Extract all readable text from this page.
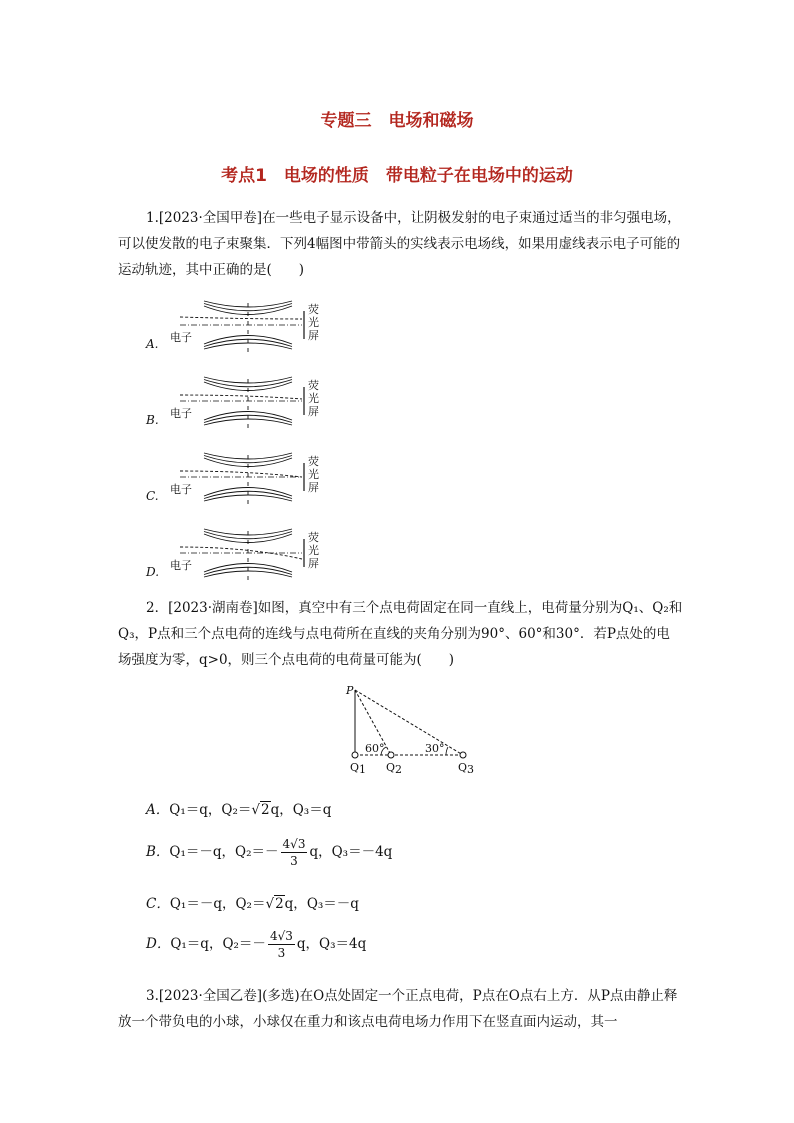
专题三　电场和磁场
考点1　电场的性质　带电粒子在电场中的运动
1.[2023·全国甲卷]在一些电子显示设备中，让阴极发射的电子束通过适当的非匀强电场，可以使发散的电子束聚集．下列4幅图中带箭头的实线表示电场线，如果用虚线表示电子可能的运动轨迹，其中正确的是(　　)
A. 电子
荧
光
屏
B. 电子
荧
光
屏
C. 电子
荧
光
屏
D. 电子
荧
光
屏
2．[2023·湖南卷]如图，真空中有三个点电荷固定在同一直线上，电荷量分别为Q₁、Q₂和Q₃，P点和三个点电荷的连线与点电荷所在直线的夹角分别为90°、60°和30°．若P点处的电场强度为零，q>0，则三个点电荷的电荷量可能为(　　)
P
60°	30°
Q 1 Q 2	Q 3
A．Q₁＝q，Q₂＝√2q，Q₃＝q
B．Q₁＝－q，$Q_2=- \frac{4√3}{3}$ q，Q₃＝－4q
C．Q₁＝－q，Q₂＝√2q，Q₃＝－q
D．Q₁＝q，$Q_2=- \frac{4√3}{3}$ q，Q₃＝4q
3.[2023·全国乙卷](多选)在O点处固定一个正点电荷，P点在O点右上方．从P点由静止释放一个带负电的小球，小球仅在重力和该点电荷电场力作用下在竖直面内运动，其一
